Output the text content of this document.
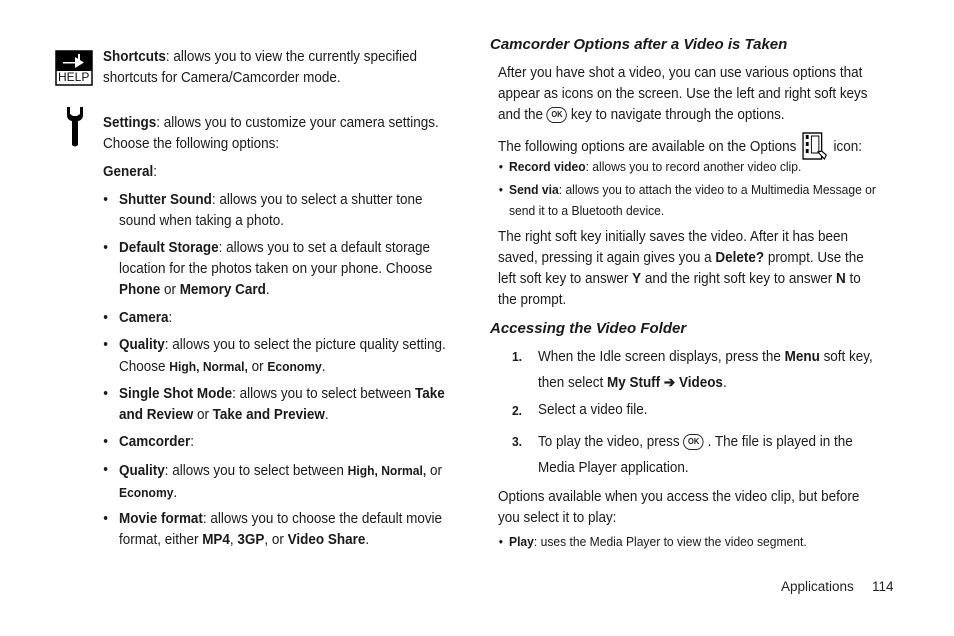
HELP
Shortcuts: allows you to view the currently specified shortcuts for Camera/Camcorder mode.
Settings: allows you to customize your camera settings. Choose the following options:
General:
• Shutter Sound: allows you to select a shutter tone sound when taking a photo.
• Default Storage: allows you to set a default storage location for the photos taken on your phone. Choose Phone or Memory Card.
• Camera:
• Quality: allows you to select the picture quality setting. Choose High, Normal, or Economy.
• Single Shot Mode: allows you to select between Take and Review or Take and Preview.
• Camcorder:
• Quality: allows you to select between High, Normal, or Economy.
• Movie format: allows you to choose the default movie format, either MP4, 3GP, or Video Share.
Camcorder Options after a Video is Taken
After you have shot a video, you can use various options that appear as icons on the screen. Use the left and right soft keys and the OK key to navigate through the options.
The following options are available on the Options	icon:
• Record video: allows you to record another video clip.
• Send via: allows you to attach the video to a Multimedia Message or send it to a Bluetooth device.
The right soft key initially saves the video. After it has been saved, pressing it again gives you a Delete? prompt. Use the left soft key to answer Y and the right soft key to answer N to the prompt.
Accessing the Video Folder
1. When the Idle screen displays, press the Menu soft key, then select My Stuff ➔ Videos.
2. Select a video file.
3. To play the video, press OK . The file is played in the Media Player application.
Options available when you access the video clip, but before you select it to play:
• Play: uses the Media Player to view the video segment.
Applications 114
